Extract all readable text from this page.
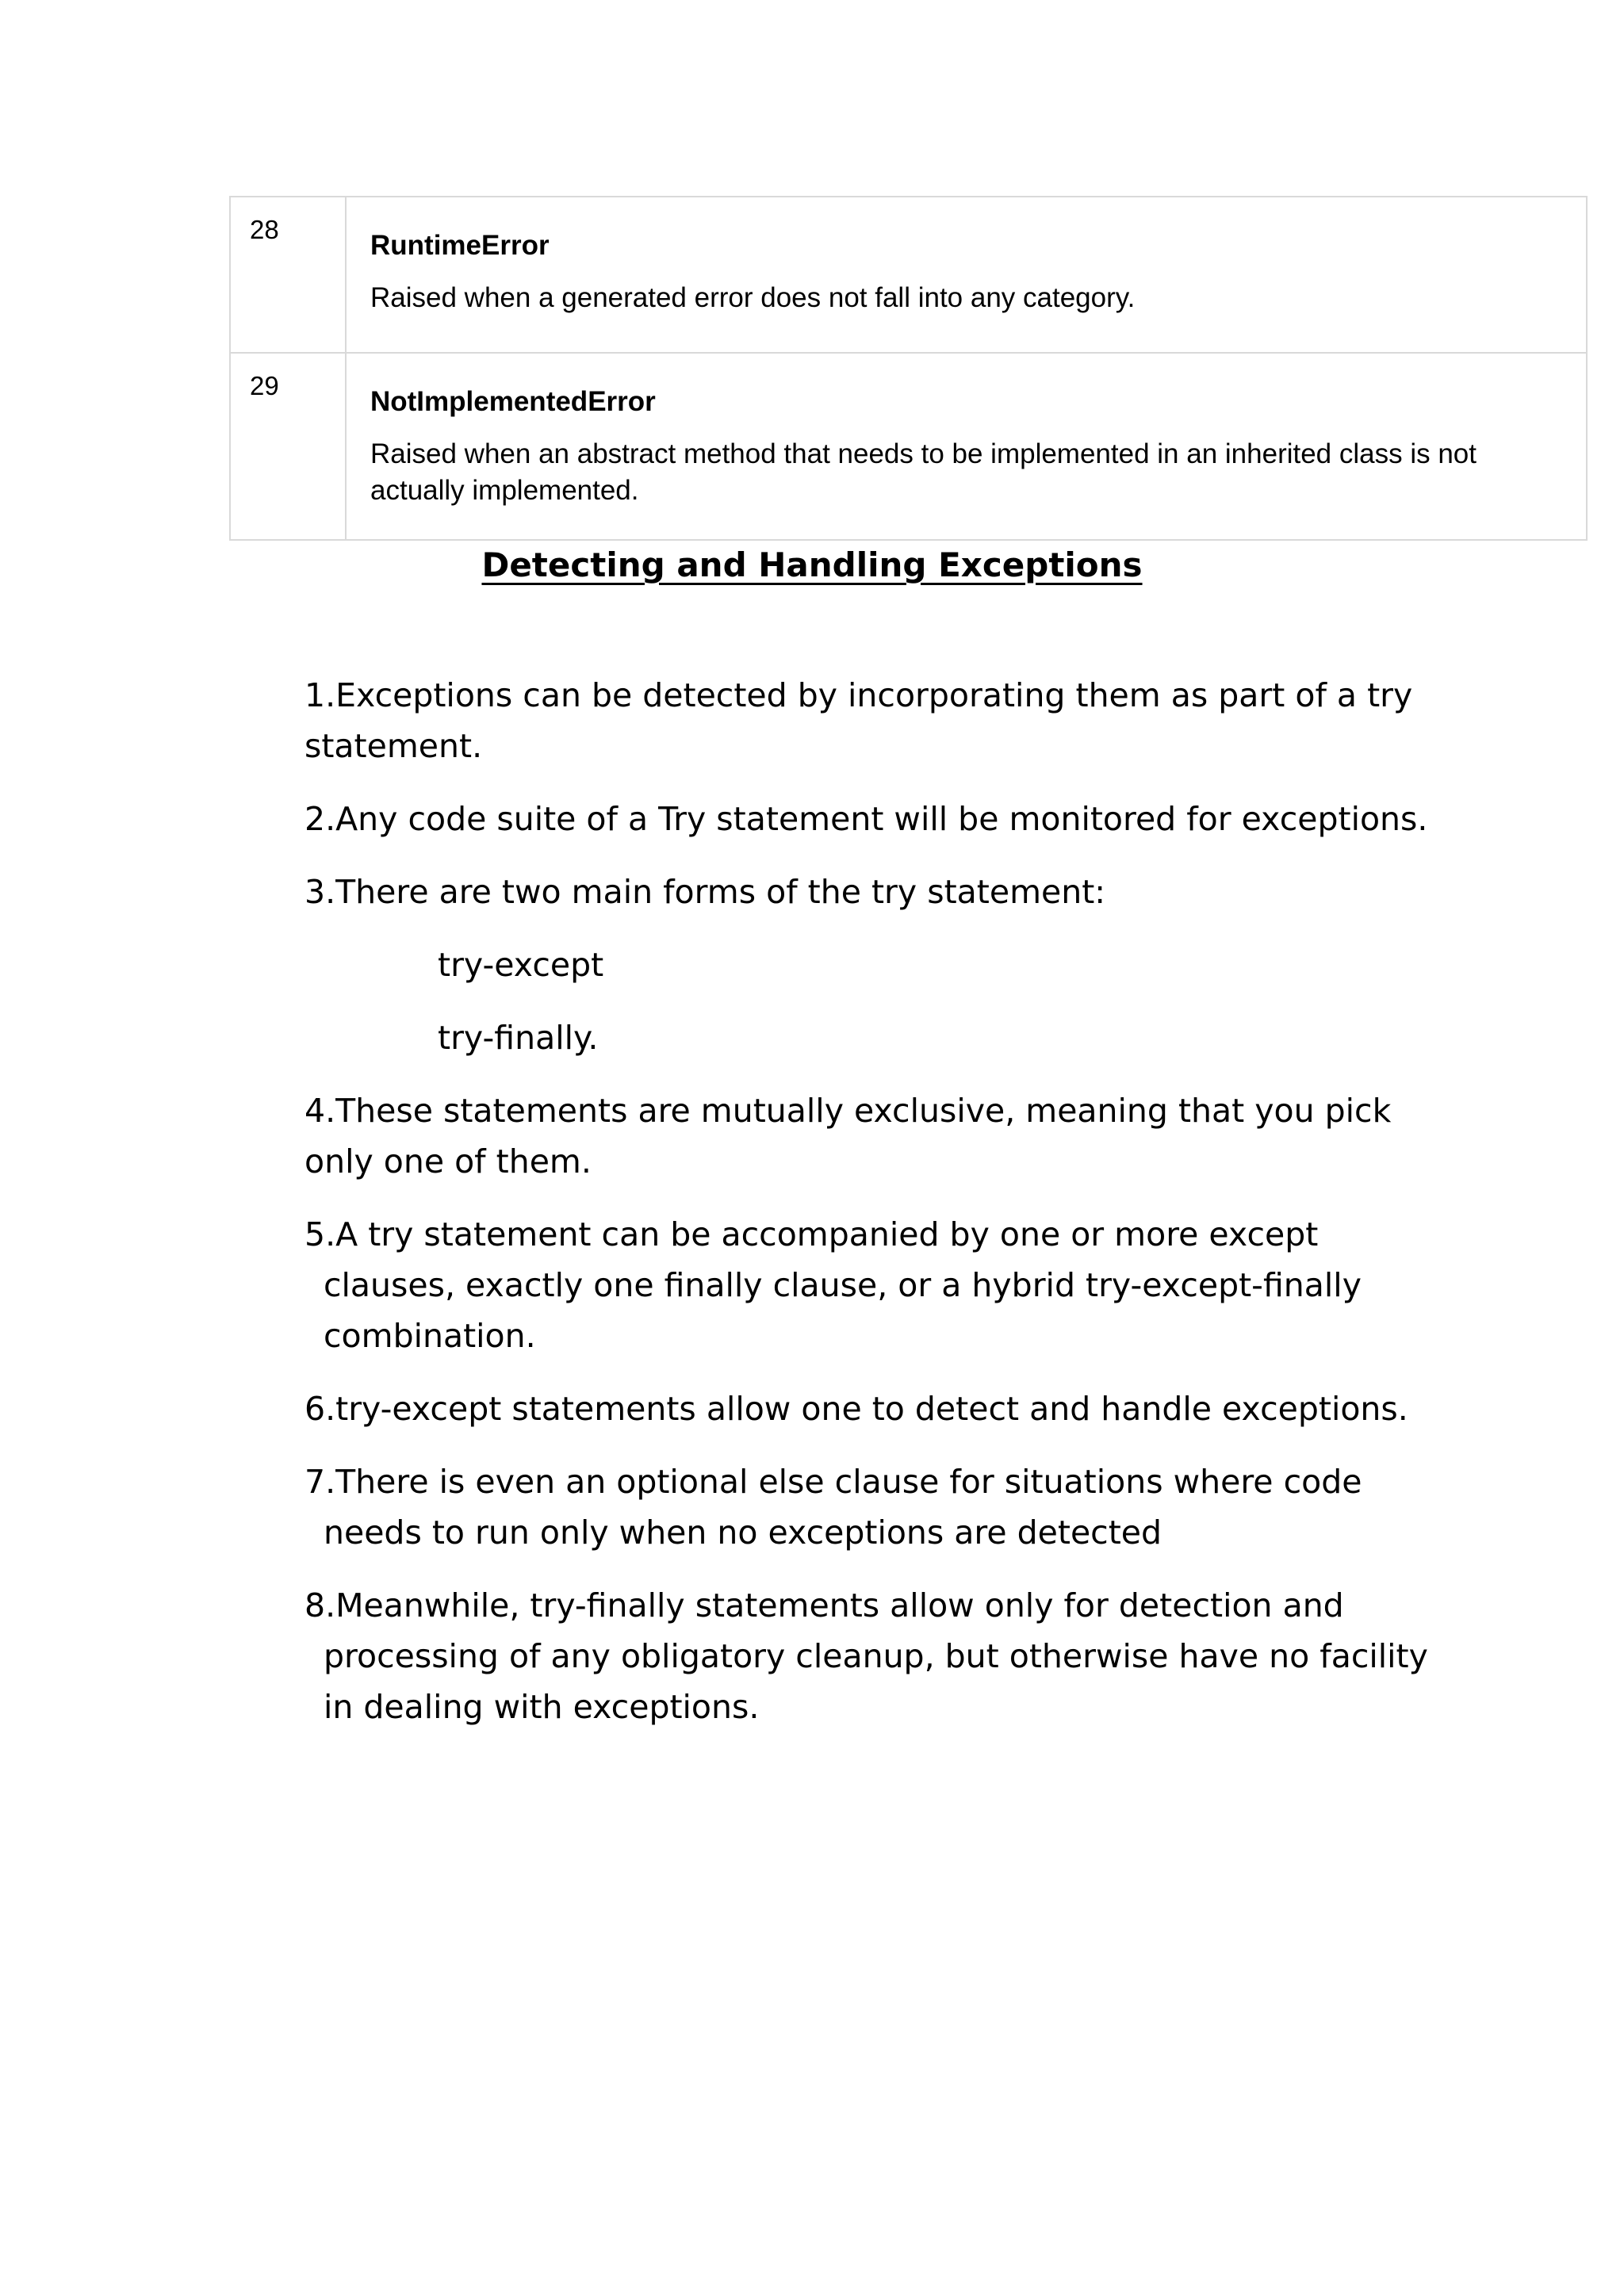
28	RuntimeError
Raised when a generated error does not fall into any category.

29	NotImplementedError
Raised when an abstract method that needs to be implemented in an inherited class is not actually implemented.
Detecting and Handling Exceptions
1.Exceptions can be detected by incorporating them as part of a try statement.
2.Any code suite of a Try statement will be monitored for exceptions.
3.There are two main forms of the try statement:
try-except
try-finally.
4.These statements are mutually exclusive, meaning that you pick only one of them.
5.A try statement can be accompanied by one or more except clauses, exactly one finally clause, or a hybrid try-except-finally combination.
6.try-except statements allow one to detect and handle exceptions.
7.There is even an optional else clause for situations where code needs to run only when no exceptions are detected
8.Meanwhile, try-finally statements allow only for detection and processing of any obligatory cleanup, but otherwise have no facility in dealing with exceptions.
